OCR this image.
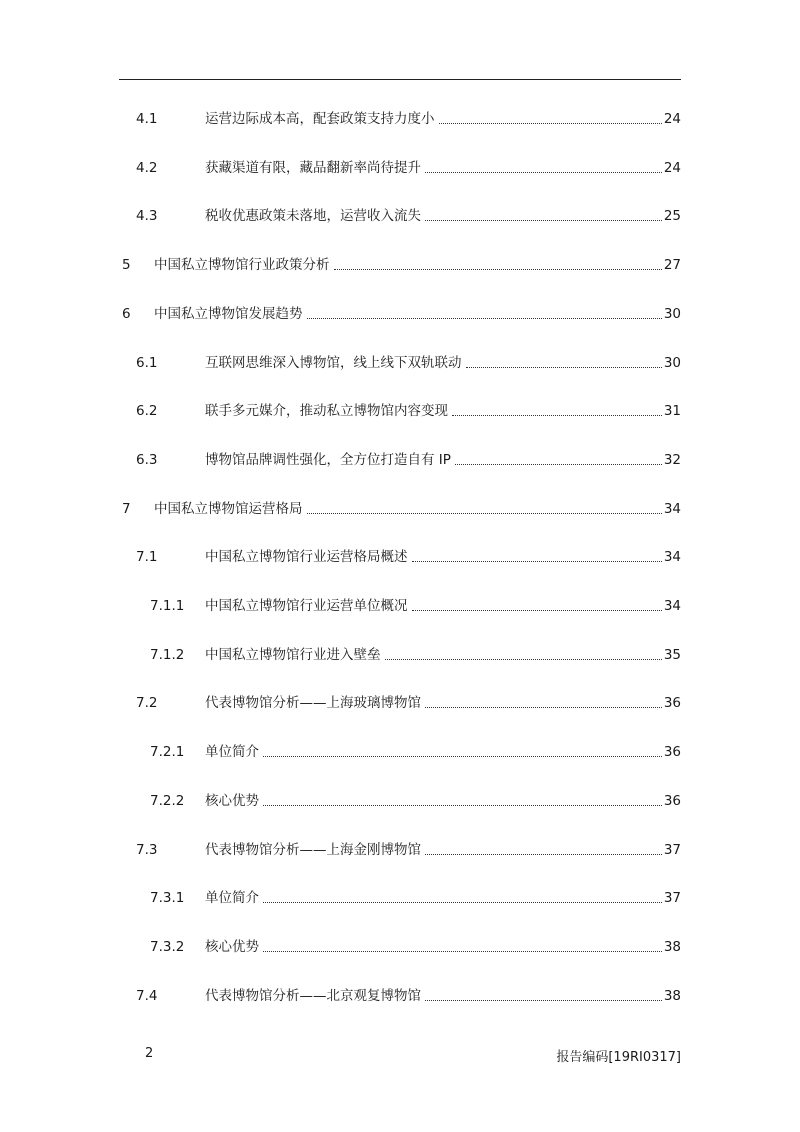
4.1	运营边际成本高，配套政策支持力度小	24
4.2	获藏渠道有限，藏品翻新率尚待提升	24
4.3	税收优惠政策未落地，运营收入流失	25
5	中国私立博物馆行业政策分析	27
6	中国私立博物馆发展趋势	30
6.1	互联网思维深入博物馆，线上线下双轨联动	30
6.2	联手多元媒介，推动私立博物馆内容变现	31
6.3	博物馆品牌调性强化，全方位打造自有 IP	32
7	中国私立博物馆运营格局	34
7.1	中国私立博物馆行业运营格局概述	34
7.1.1	中国私立博物馆行业运营单位概况	34
7.1.2	中国私立博物馆行业进入壁垒	35
7.2	代表博物馆分析——上海玻璃博物馆	36
7.2.1	单位简介	36
7.2.2	核心优势	36
7.3	代表博物馆分析——上海金刚博物馆	37
7.3.1	单位简介	37
7.3.2	核心优势	38
7.4	代表博物馆分析——北京观复博物馆	38
2	报告编码[19RI0317]
